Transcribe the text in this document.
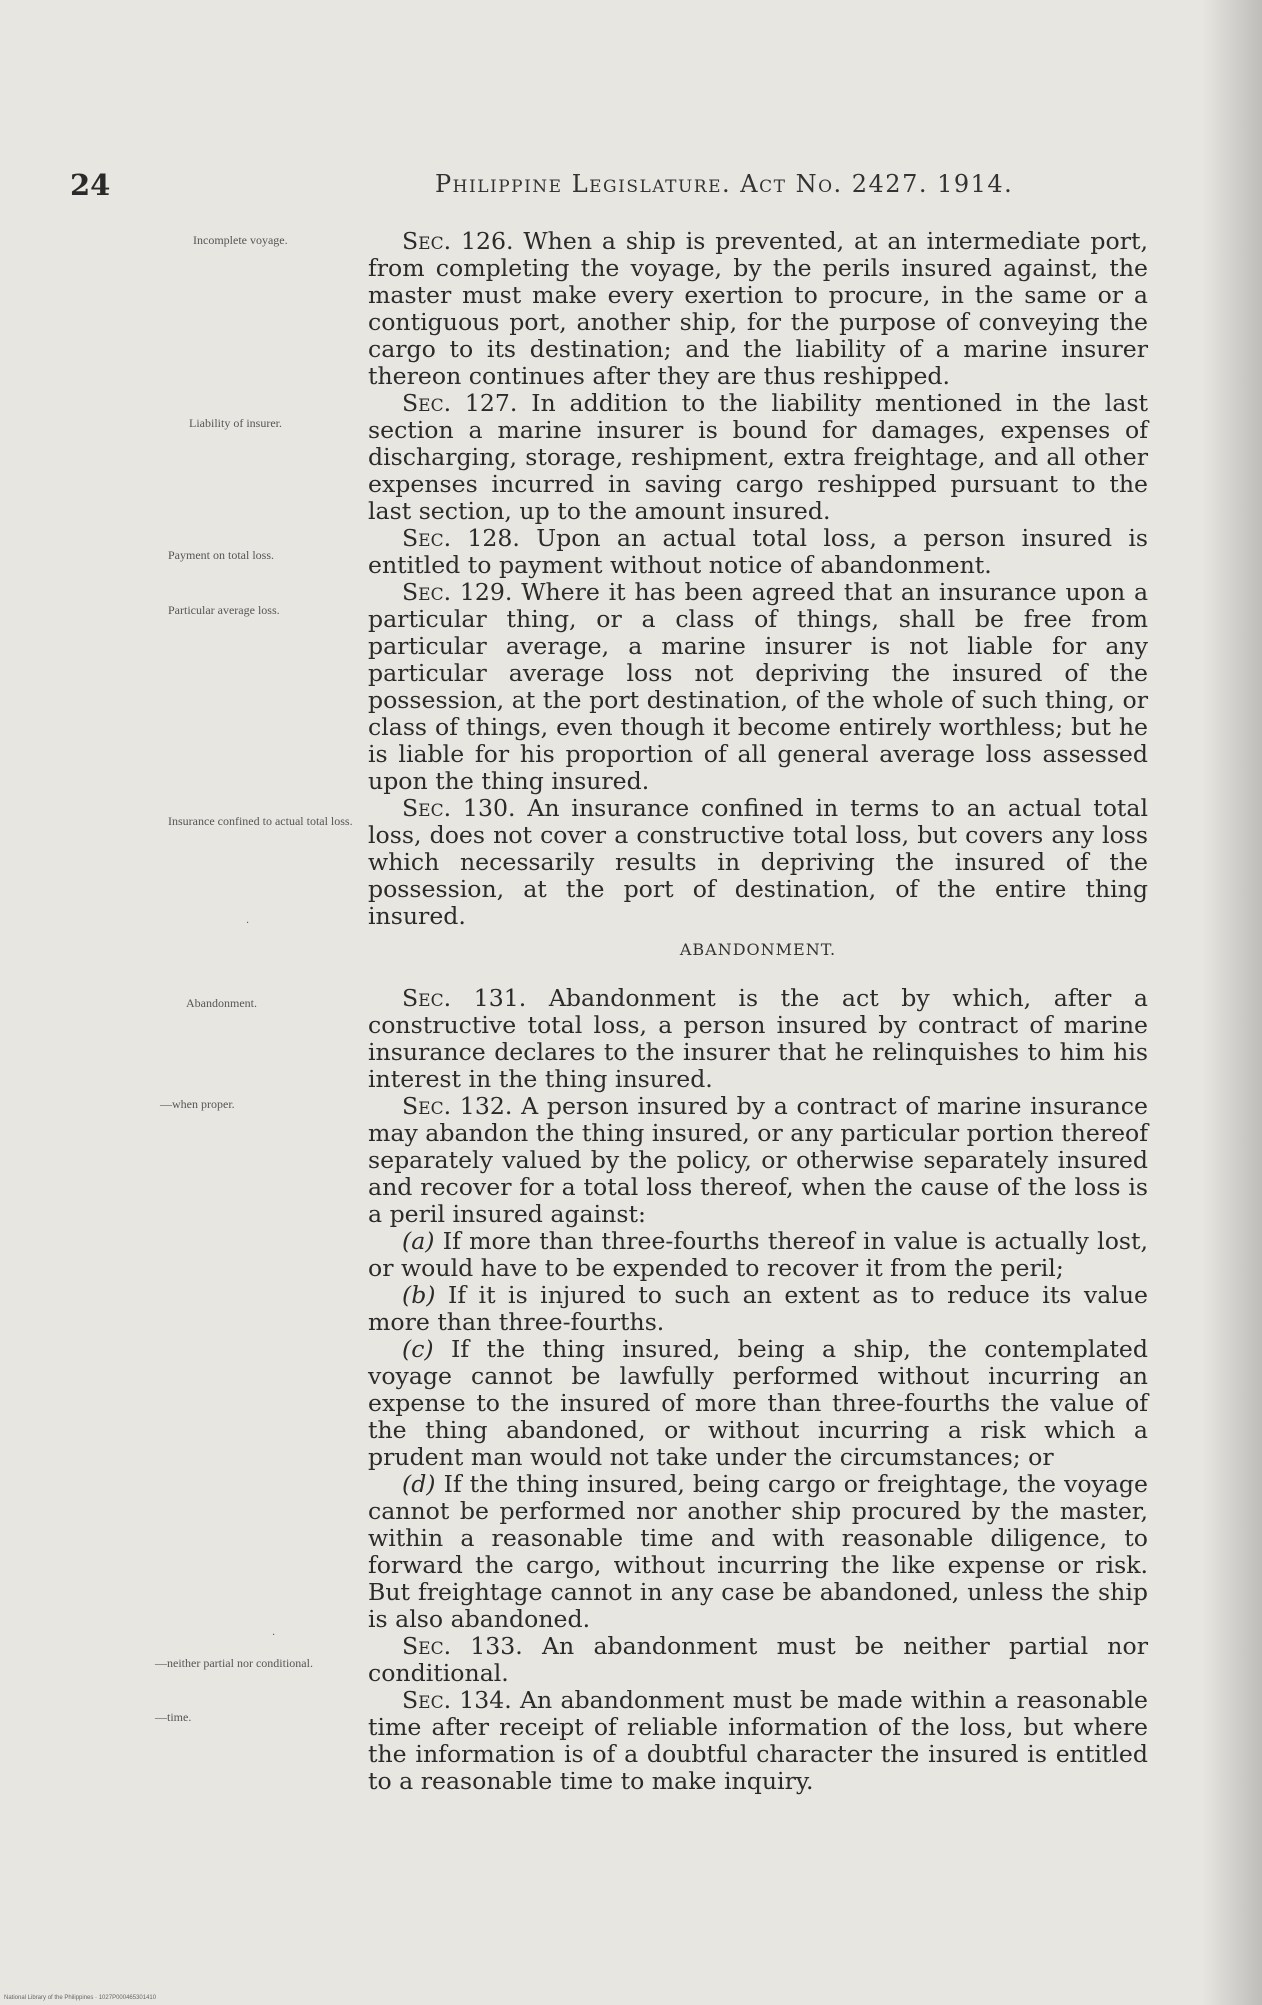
24	Philippine Legislature. Act No. 2427. 1914.
Incomplete voyage.
Liability of insurer.
Payment on total loss.
Particular average loss.
Insurance confined to actual total loss.
Abandonment.
—when proper.
—neither partial nor conditional.
—time.
·
·

Sec. 126. When a ship is prevented, at an intermediate port, from completing the voyage, by the perils insured against, the master must make every exertion to procure, in the same or a contiguous port, another ship, for the purpose of conveying the cargo to its destination; and the liability of a marine insurer thereon continues after they are thus reshipped.

Sec. 127. In addition to the liability mentioned in the last section a marine insurer is bound for damages, expenses of discharging, storage, reshipment, extra freightage, and all other expenses incurred in saving cargo reshipped pursuant to the last section, up to the amount insured.

Sec. 128. Upon an actual total loss, a person insured is entitled to payment without notice of abandonment.

Sec. 129. Where it has been agreed that an insurance upon a particular thing, or a class of things, shall be free from particular average, a marine insurer is not liable for any particular average loss not depriving the insured of the possession, at the port destination, of the whole of such thing, or class of things, even though it become entirely worthless; but he is liable for his proportion of all general average loss assessed upon the thing insured.

Sec. 130. An insurance confined in terms to an actual total loss, does not cover a constructive total loss, but covers any loss which necessarily results in depriving the insured of the possession, at the port of destination, of the entire thing insured.

ABANDONMENT.

Sec. 131. Abandonment is the act by which, after a constructive total loss, a person insured by contract of marine insurance declares to the insurer that he relinquishes to him his interest in the thing insured.

Sec. 132. A person insured by a contract of marine insurance may abandon the thing insured, or any particular portion thereof separately valued by the policy, or otherwise separately insured and recover for a total loss thereof, when the cause of the loss is a peril insured against:

(a) If more than three-fourths thereof in value is actually lost, or would have to be expended to recover it from the peril;

(b) If it is injured to such an extent as to reduce its value more than three-fourths.

(c) If the thing insured, being a ship, the contemplated voyage cannot be lawfully performed without incurring an expense to the insured of more than three-fourths the value of the thing abandoned, or without incurring a risk which a prudent man would not take under the circumstances; or

(d) If the thing insured, being cargo or freightage, the voyage cannot be performed nor another ship procured by the master, within a reasonable time and with reasonable diligence, to forward the cargo, without incurring the like expense or risk. But freightage cannot in any case be abandoned, unless the ship is also abandoned.

Sec. 133. An abandonment must be neither partial nor conditional.

Sec. 134. An abandonment must be made within a reasonable time after receipt of reliable information of the loss, but where the information is of a doubtful character the insured is entitled to a reasonable time to make inquiry.

National Library of the Philippines · 1027P000465301410
